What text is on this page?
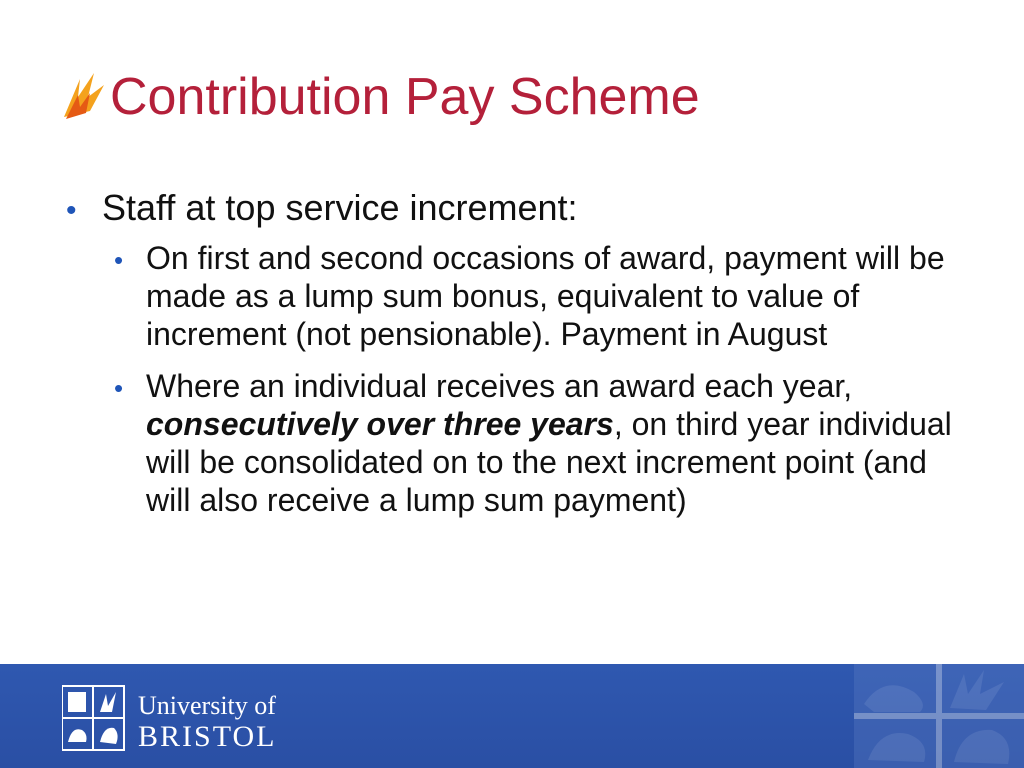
Contribution Pay Scheme
• Staff at top service increment:
• On first and second occasions of award, payment will be made as a lump sum bonus, equivalent to value of increment (not pensionable). Payment in August
• Where an individual receives an award each year, consecutively over three years, on third year individual will be consolidated on to the next increment point (and will also receive a lump sum payment)
University of
BRISTOL
